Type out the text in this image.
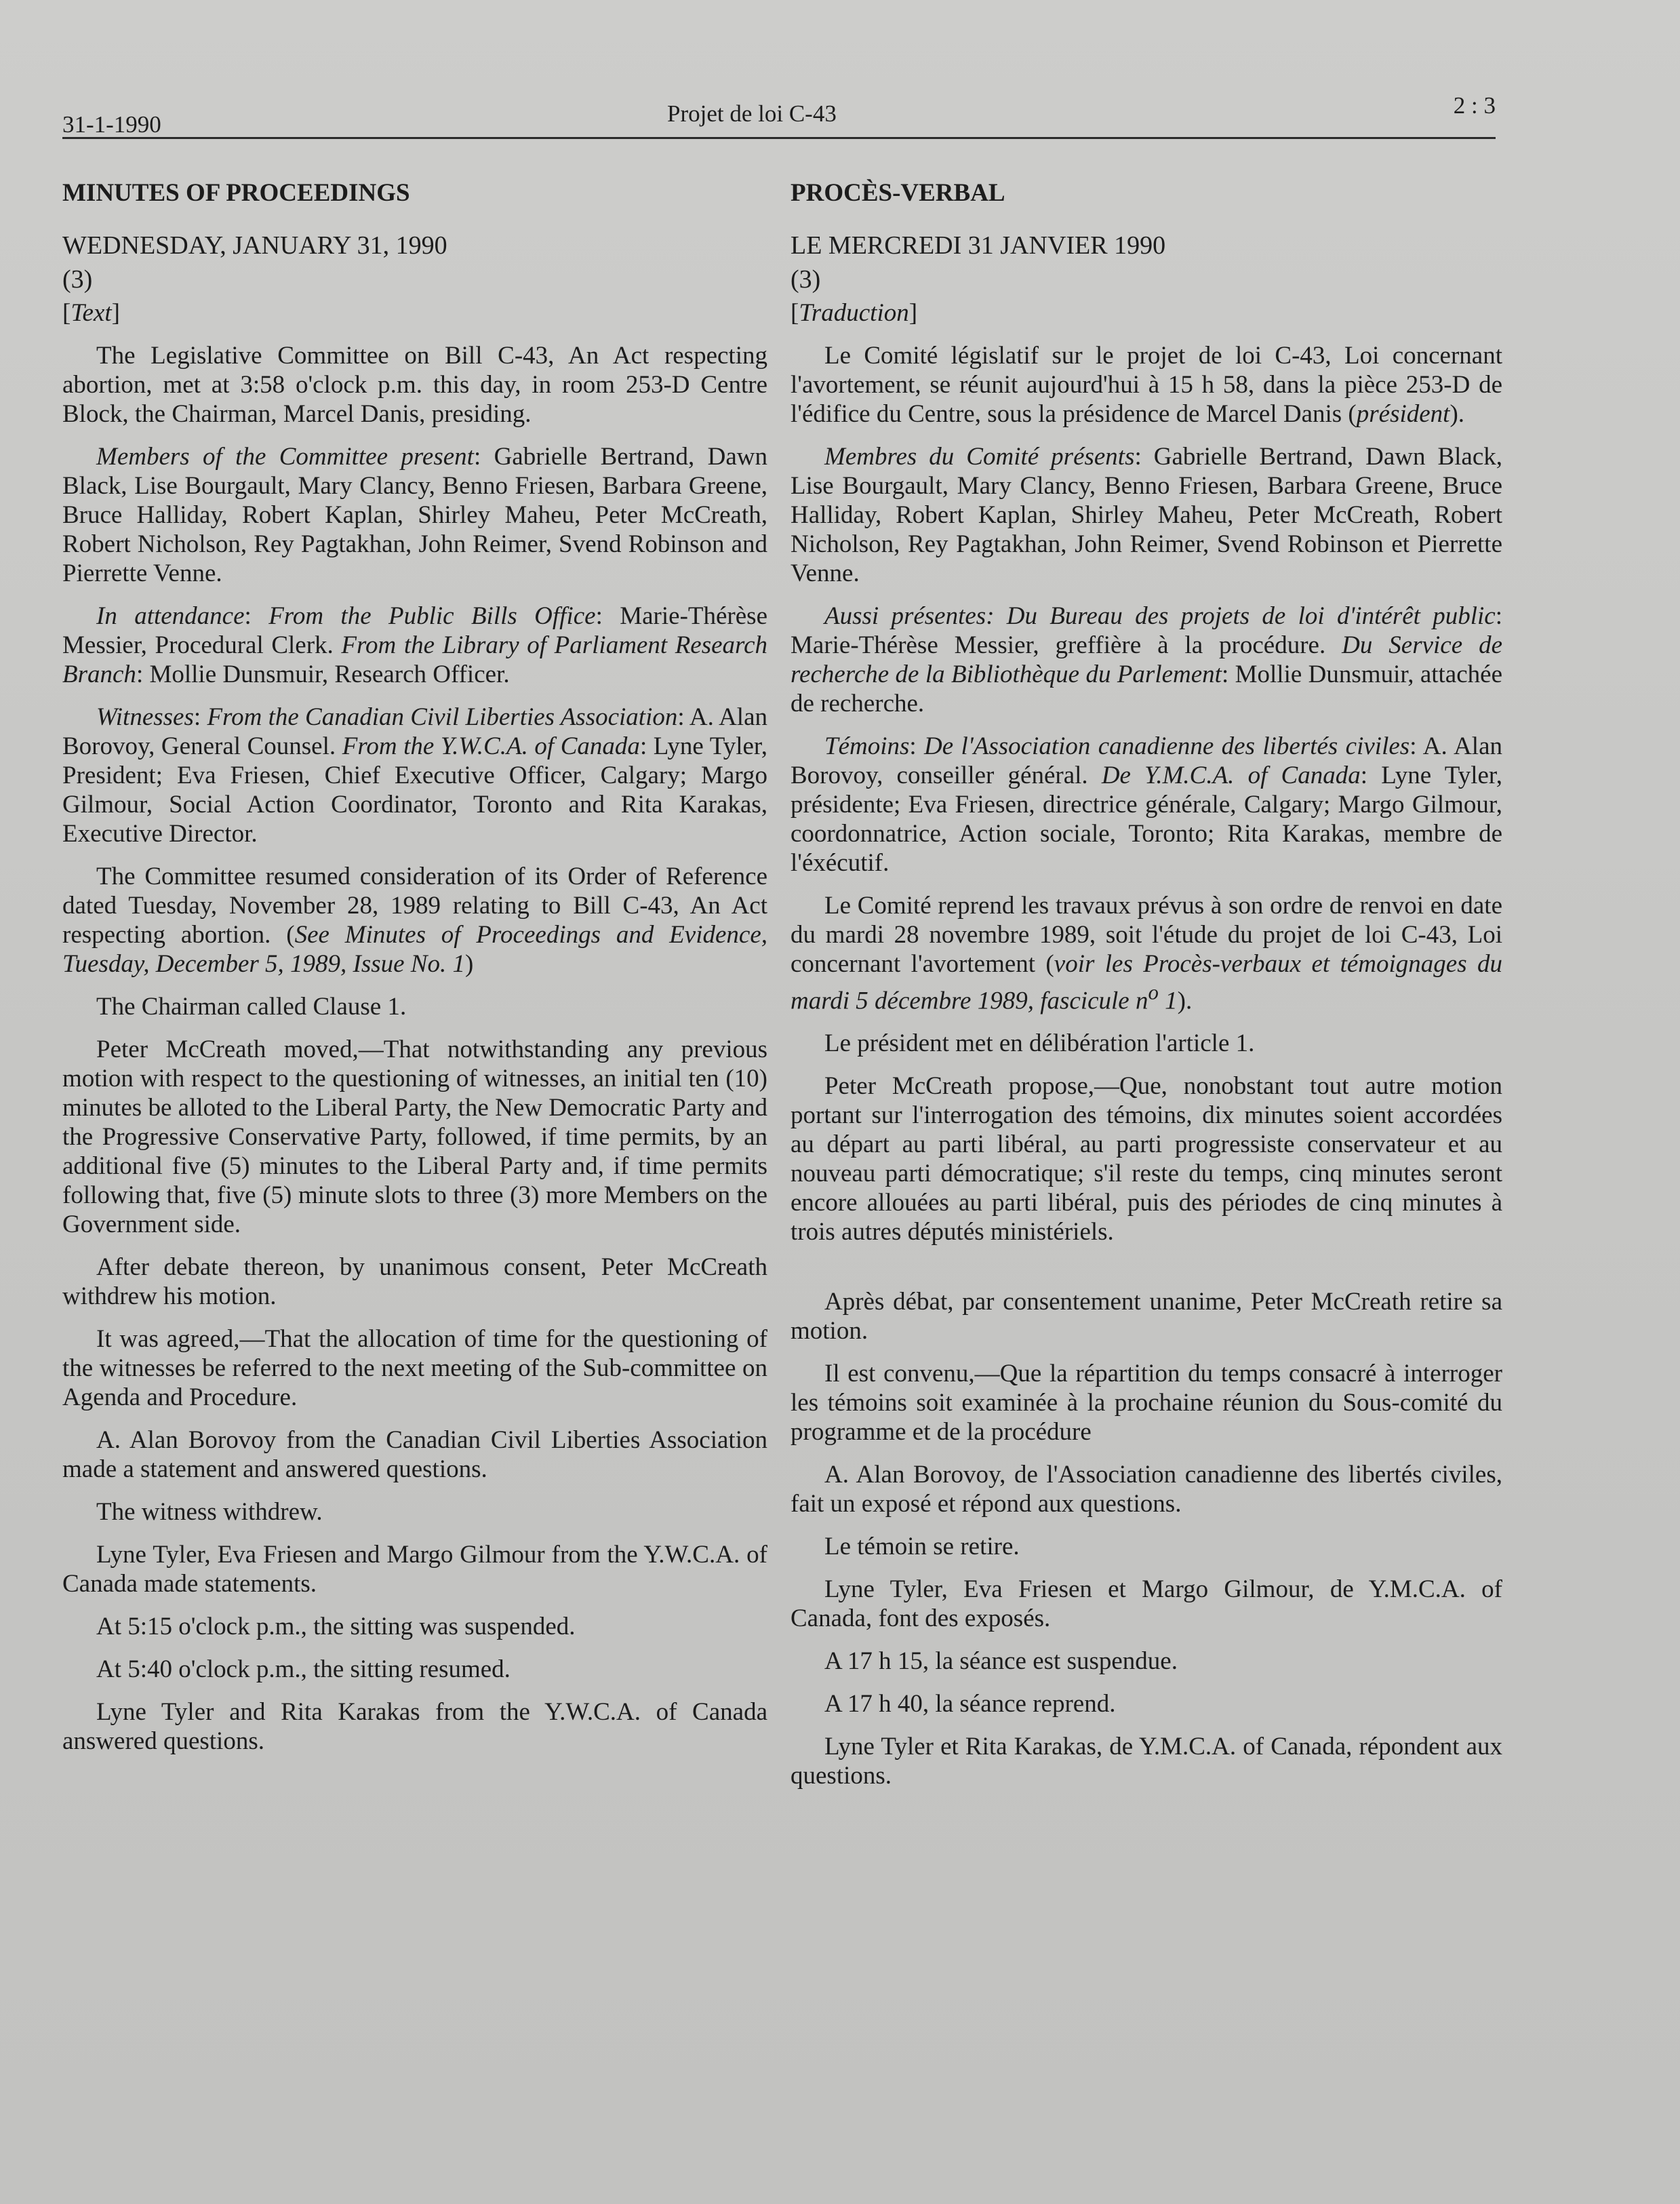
31-1-1990	Projet de loi C-43	2 : 3
MINUTES OF PROCEEDINGS
WEDNESDAY, JANUARY 31, 1990
(3)
[Text]

The Legislative Committee on Bill C-43, An Act respecting abortion, met at 3:58 o'clock p.m. this day, in room 253-D Centre Block, the Chairman, Marcel Danis, presiding.

Members of the Committee present: Gabrielle Bertrand, Dawn Black, Lise Bourgault, Mary Clancy, Benno Friesen, Barbara Greene, Bruce Halliday, Robert Kaplan, Shirley Maheu, Peter McCreath, Robert Nicholson, Rey Pagtakhan, John Reimer, Svend Robinson and Pierrette Venne.

In attendance: From the Public Bills Office: Marie-Thérèse Messier, Procedural Clerk. From the Library of Parliament Research Branch: Mollie Dunsmuir, Research Officer.

Witnesses: From the Canadian Civil Liberties Association: A. Alan Borovoy, General Counsel. From the Y.W.C.A. of Canada: Lyne Tyler, President; Eva Friesen, Chief Executive Officer, Calgary; Margo Gilmour, Social Action Coordinator, Toronto and Rita Karakas, Executive Director.

The Committee resumed consideration of its Order of Reference dated Tuesday, November 28, 1989 relating to Bill C-43, An Act respecting abortion. (See Minutes of Proceedings and Evidence, Tuesday, December 5, 1989, Issue No. 1)

The Chairman called Clause 1.

Peter McCreath moved,—That notwithstanding any previous motion with respect to the questioning of witnesses, an initial ten (10) minutes be alloted to the Liberal Party, the New Democratic Party and the Progressive Conservative Party, followed, if time permits, by an additional five (5) minutes to the Liberal Party and, if time permits following that, five (5) minute slots to three (3) more Members on the Government side.

After debate thereon, by unanimous consent, Peter McCreath withdrew his motion.

It was agreed,—That the allocation of time for the questioning of the witnesses be referred to the next meeting of the Sub-committee on Agenda and Procedure.

A. Alan Borovoy from the Canadian Civil Liberties Association made a statement and answered questions.

The witness withdrew.

Lyne Tyler, Eva Friesen and Margo Gilmour from the Y.W.C.A. of Canada made statements.

At 5:15 o'clock p.m., the sitting was suspended.

At 5:40 o'clock p.m., the sitting resumed.

Lyne Tyler and Rita Karakas from the Y.W.C.A. of Canada answered questions.

PROCÈS-VERBAL
LE MERCREDI 31 JANVIER 1990
(3)
[Traduction]

Le Comité législatif sur le projet de loi C-43, Loi concernant l'avortement, se réunit aujourd'hui à 15 h 58, dans la pièce 253-D de l'édifice du Centre, sous la présidence de Marcel Danis (président).

Membres du Comité présents: Gabrielle Bertrand, Dawn Black, Lise Bourgault, Mary Clancy, Benno Friesen, Barbara Greene, Bruce Halliday, Robert Kaplan, Shirley Maheu, Peter McCreath, Robert Nicholson, Rey Pagtakhan, John Reimer, Svend Robinson et Pierrette Venne.

Aussi présentes: Du Bureau des projets de loi d'intérêt public: Marie-Thérèse Messier, greffière à la procédure. Du Service de recherche de la Bibliothèque du Parlement: Mollie Dunsmuir, attachée de recherche.

Témoins: De l'Association canadienne des libertés civiles: A. Alan Borovoy, conseiller général. De Y.M.C.A. of Canada: Lyne Tyler, présidente; Eva Friesen, directrice générale, Calgary; Margo Gilmour, coordonnatrice, Action sociale, Toronto; Rita Karakas, membre de l'éxécutif.

Le Comité reprend les travaux prévus à son ordre de renvoi en date du mardi 28 novembre 1989, soit l'étude du projet de loi C-43, Loi concernant l'avortement (voir les Procès-verbaux et témoignages du mardi 5 décembre 1989, fascicule $n^o$ 1).

Le président met en délibération l'article 1.

Peter McCreath propose,—Que, nonobstant tout autre motion portant sur l'interrogation des témoins, dix minutes soient accordées au départ au parti libéral, au parti progressiste conservateur et au nouveau parti démocratique; s'il reste du temps, cinq minutes seront encore allouées au parti libéral, puis des périodes de cinq minutes à trois autres députés ministériels.

Après débat, par consentement unanime, Peter McCreath retire sa motion.

Il est convenu,—Que la répartition du temps consacré à interroger les témoins soit examinée à la prochaine réunion du Sous-comité du programme et de la procédure

A. Alan Borovoy, de l'Association canadienne des libertés civiles, fait un exposé et répond aux questions.

Le témoin se retire.

Lyne Tyler, Eva Friesen et Margo Gilmour, de Y.M.C.A. of Canada, font des exposés.

A 17 h 15, la séance est suspendue.

A 17 h 40, la séance reprend.

Lyne Tyler et Rita Karakas, de Y.M.C.A. of Canada, répondent aux questions.
